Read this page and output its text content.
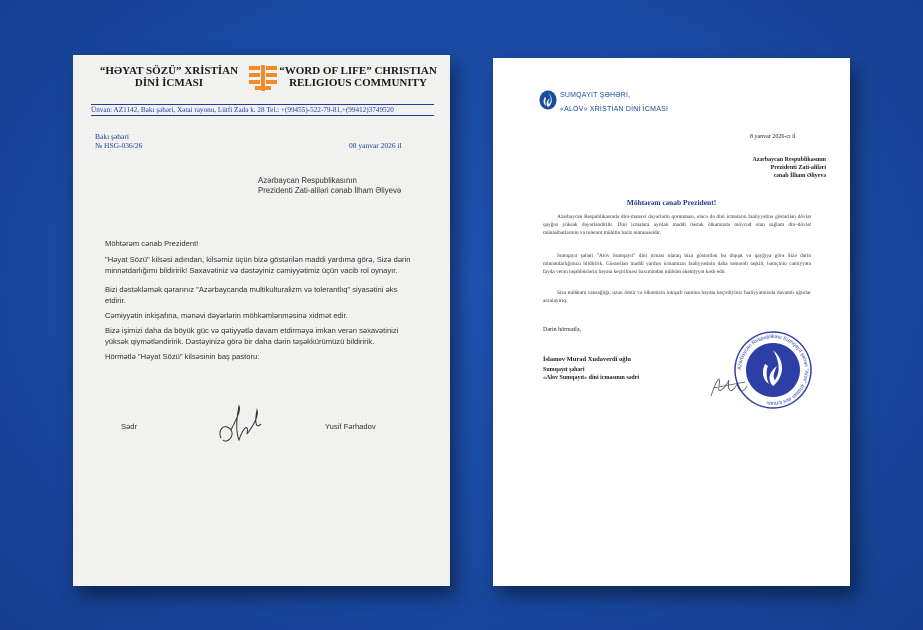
“HƏYAT SÖZÜ” XRİSTİAN DİNİ İCMASI
“WORD OF LIFE” CHRISTIAN RELIGIOUS COMMUNITY
Ünvan: AZ1142, Bakı şəhəri, Xətai rayonu, Lütfi Zadə k. 28 Tel.: +(99455)-522-79-81,+(99412)3749520
Bakı şəhəri
№ HSG-036/26	08 yanvar 2026 il
Azərbaycan Respublikasının
Prezidenti Zati-aliləri cənab İlham Əliyevə
Möhtərəm cənab Prezident!
"Həyat Sözü" kilsəsi adından, kilsəmiz üçün bizə göstərilən maddi yardıma görə, Sizə dərin minnətdarlığımı bildiririk! Saxavətiniz və dəstəyiniz cəmiyyətimiz üçün vacib rol oynayır.
Bizi dəstəkləmək qərarınız "Azərbaycanda multikulturalizm və tolerantlıq" siyasətini əks etdirir.
Cəmiyyətin inkişafına, mənəvi dəyərlərin möhkəmlənməsinə xidmət edir.
Bizə işimizi daha da böyük güc və qətiyyətlə davam etdirməyə imkan verən səxavətinizi yüksək qiymətləndiririk. Dəstəyinizə görə bir daha dərin təşəkkürümüzü bildiririk.
Hörmətlə "Həyat Sözü" kilsəsinin baş pastoru:
Sədr	Yusif Fərhadov
SUMQAYIT ŞƏHƏRİ,
«ALOV» XRİSTİAN DİNİ İCMASI
8 yanvar 2026-cı il
Azərbaycan Respublikasının
Prezidenti Zati-aliləri
cənab İlham Əliyevə
Möhtərəm cənab Prezident!
Azərbaycan Respublikasında dini-mənəvi dəyərlərin qorunması, eləcə də dini icmaların fəaliyyətinə göstərilən dövlət qayğısı yüksək dəyərləndirilir. Dini icmalara ayrılan maddi dəstək ölkəmizdə mövcud olan sağlam din–dövlət münasibətlərinin və tolerant mühitin bariz nümunəsidir.
Sumqayıt şəhəri "Alov Sumqayıt" dini icması olaraq bizə göstərilən bu diqqət və qayğıya görə Sizə dərin minnətdarlığımızı bildiririk. Göstərilən maddi yardım icmamızın fəaliyyətinin daha səmərəli təşkili, həmçinin cəmiyyətə fayda verən təşəbbüslərin həyata keçirilməsi baxımından mühüm əhəmiyyət kəsb edir.
Sizə möhkəm cansağlığı, uzun ömür və ölkəmizin inkişafı naminə həyata keçirdiyiniz fəaliyyətinizdə davamlı uğurlar arzulayırıq.
Dərin hörmətlə,
İslamov Murad Xudaverdi oğlu
Sumqayıt şəhəri
«Alov Sumqayıt» dini icmasının sədri
Azərbaycan Respublikası Sumqayıt şəhəri "Alov" xristian dini icması
